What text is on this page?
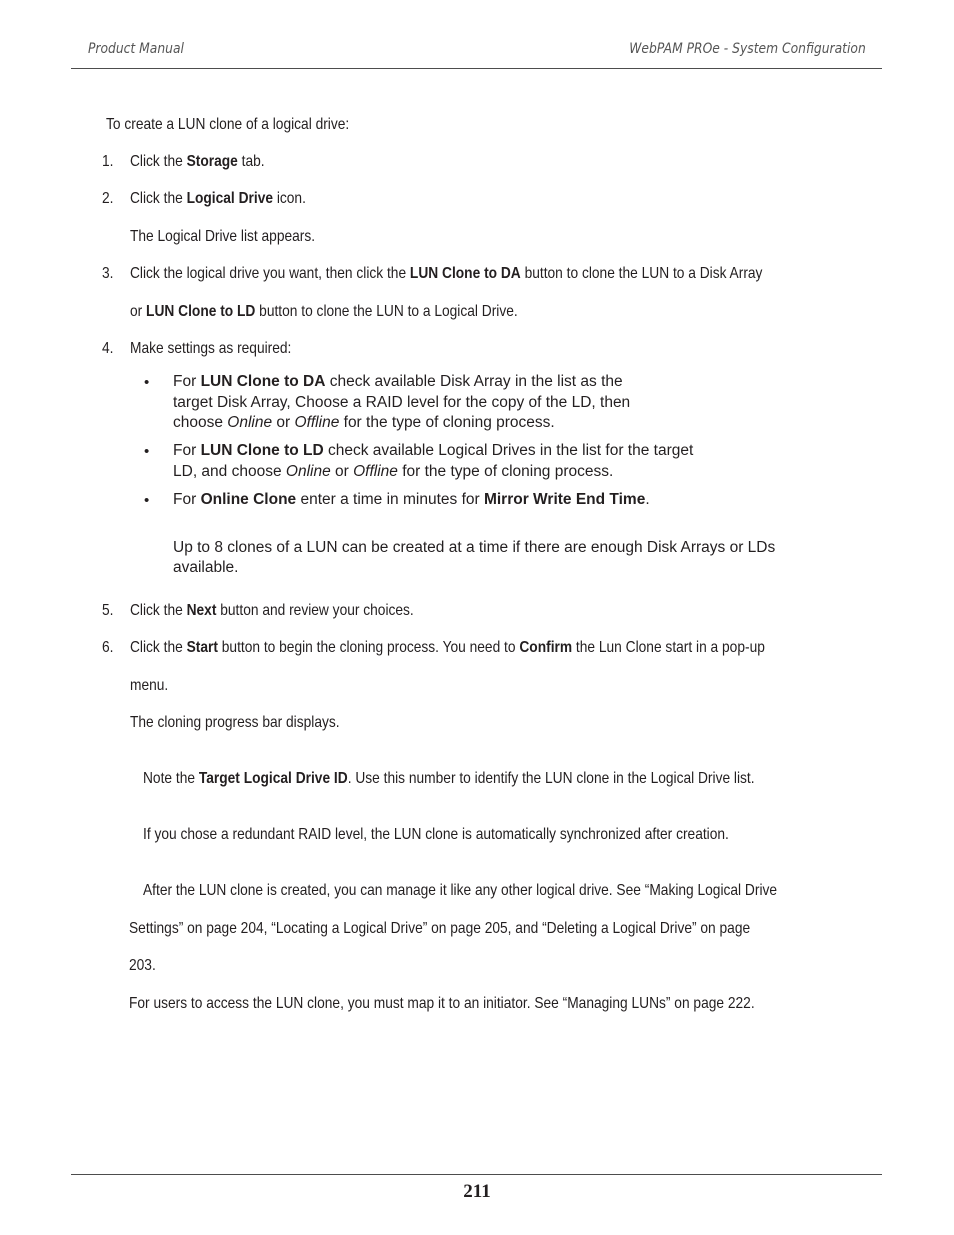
Product Manual	WebPAM PROe - System Configuration
To create a LUN clone of a logical drive:
1. Click the Storage tab.
2. Click the Logical Drive icon.
The Logical Drive list appears.
3. Click the logical drive you want, then click the LUN Clone to DA button to clone the LUN to a Disk Array
or LUN Clone to LD button to clone the LUN to a Logical Drive.
4. Make settings as required:
• For LUN Clone to DA check available Disk Array in the list as the
target Disk Array, Choose a RAID level for the copy of the LD, then
choose Online or Offline for the type of cloning process.
• For LUN Clone to LD check available Logical Drives in the list for the target
LD, and choose Online or Offline for the type of cloning process.
• For Online Clone enter a time in minutes for Mirror Write End Time.
Up to 8 clones of a LUN can be created at a time if there are enough Disk Arrays or LDs
available.
5. Click the Next button and review your choices.
6. Click the Start button to begin the cloning process. You need to Confirm the Lun Clone start in a pop-up
menu.
The cloning progress bar displays.
Note the Target Logical Drive ID. Use this number to identify the LUN clone in the Logical Drive list.
If you chose a redundant RAID level, the LUN clone is automatically synchronized after creation.
After the LUN clone is created, you can manage it like any other logical drive. See “Making Logical Drive
Settings” on page 204, “Locating a Logical Drive” on page 205, and “Deleting a Logical Drive” on page
203.
For users to access the LUN clone, you must map it to an initiator. See “Managing LUNs” on page 222.
211
